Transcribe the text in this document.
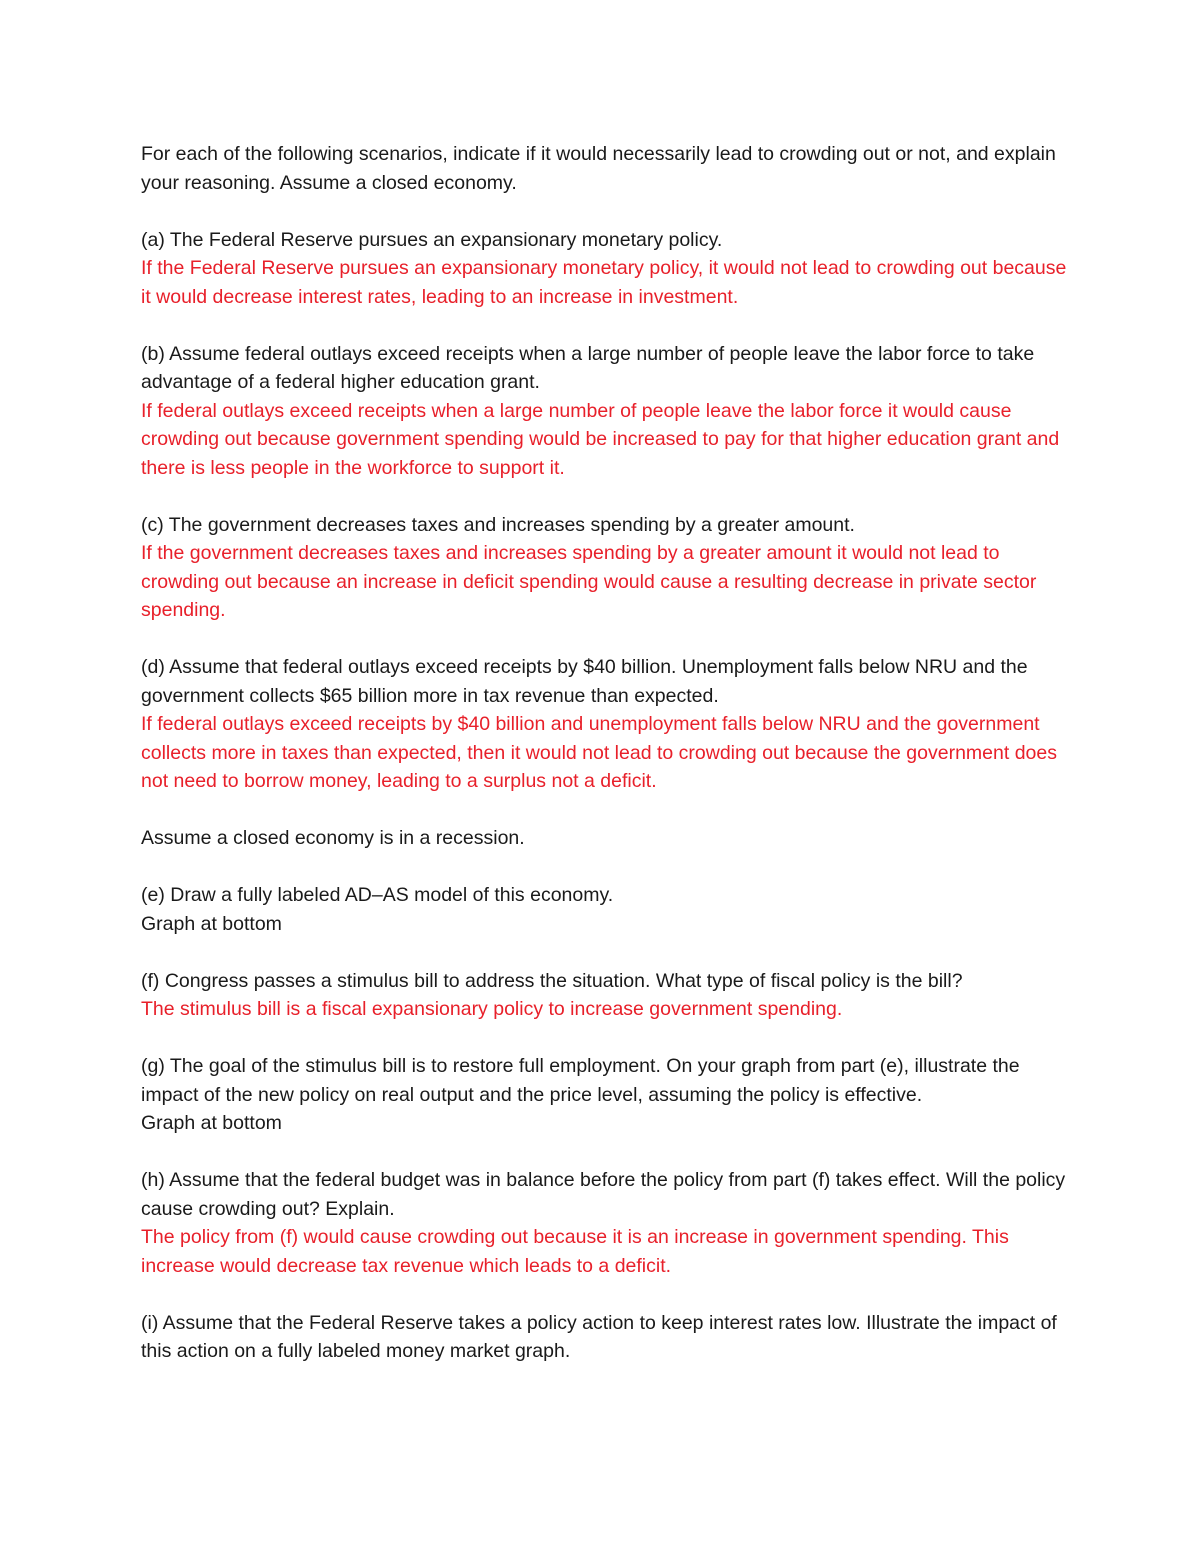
For each of the following scenarios, indicate if it would necessarily lead to crowding out or not, and explain your reasoning. Assume a closed economy.

(a) The Federal Reserve pursues an expansionary monetary policy.

If the Federal Reserve pursues an expansionary monetary policy, it would not lead to crowding out because it would decrease interest rates, leading to an increase in investment.

(b) Assume federal outlays exceed receipts when a large number of people leave the labor force to take advantage of a federal higher education grant.

If federal outlays exceed receipts when a large number of people leave the labor force it would cause crowding out because government spending would be increased to pay for that higher education grant and there is less people in the workforce to support it.

(c) The government decreases taxes and increases spending by a greater amount.

If the government decreases taxes and increases spending by a greater amount it would not lead to crowding out because an increase in deficit spending would cause a resulting decrease in private sector spending.

(d) Assume that federal outlays exceed receipts by $40 billion. Unemployment falls below NRU and the government collects $65 billion more in tax revenue than expected.

If federal outlays exceed receipts by $40 billion and unemployment falls below NRU and the government collects more in taxes than expected, then it would not lead to crowding out because the government does not need to borrow money, leading to a surplus not a deficit.

Assume a closed economy is in a recession.

(e) Draw a fully labeled AD–AS model of this economy.

Graph at bottom

(f) Congress passes a stimulus bill to address the situation. What type of fiscal policy is the bill?

The stimulus bill is a fiscal expansionary policy to increase government spending.

(g) The goal of the stimulus bill is to restore full employment. On your graph from part (e), illustrate the impact of the new policy on real output and the price level, assuming the policy is effective.

Graph at bottom

(h) Assume that the federal budget was in balance before the policy from part (f) takes effect. Will the policy cause crowding out? Explain.

The policy from (f) would cause crowding out because it is an increase in government spending. This increase would decrease tax revenue which leads to a deficit.

(i) Assume that the Federal Reserve takes a policy action to keep interest rates low. Illustrate the impact of this action on a fully labeled money market graph.
